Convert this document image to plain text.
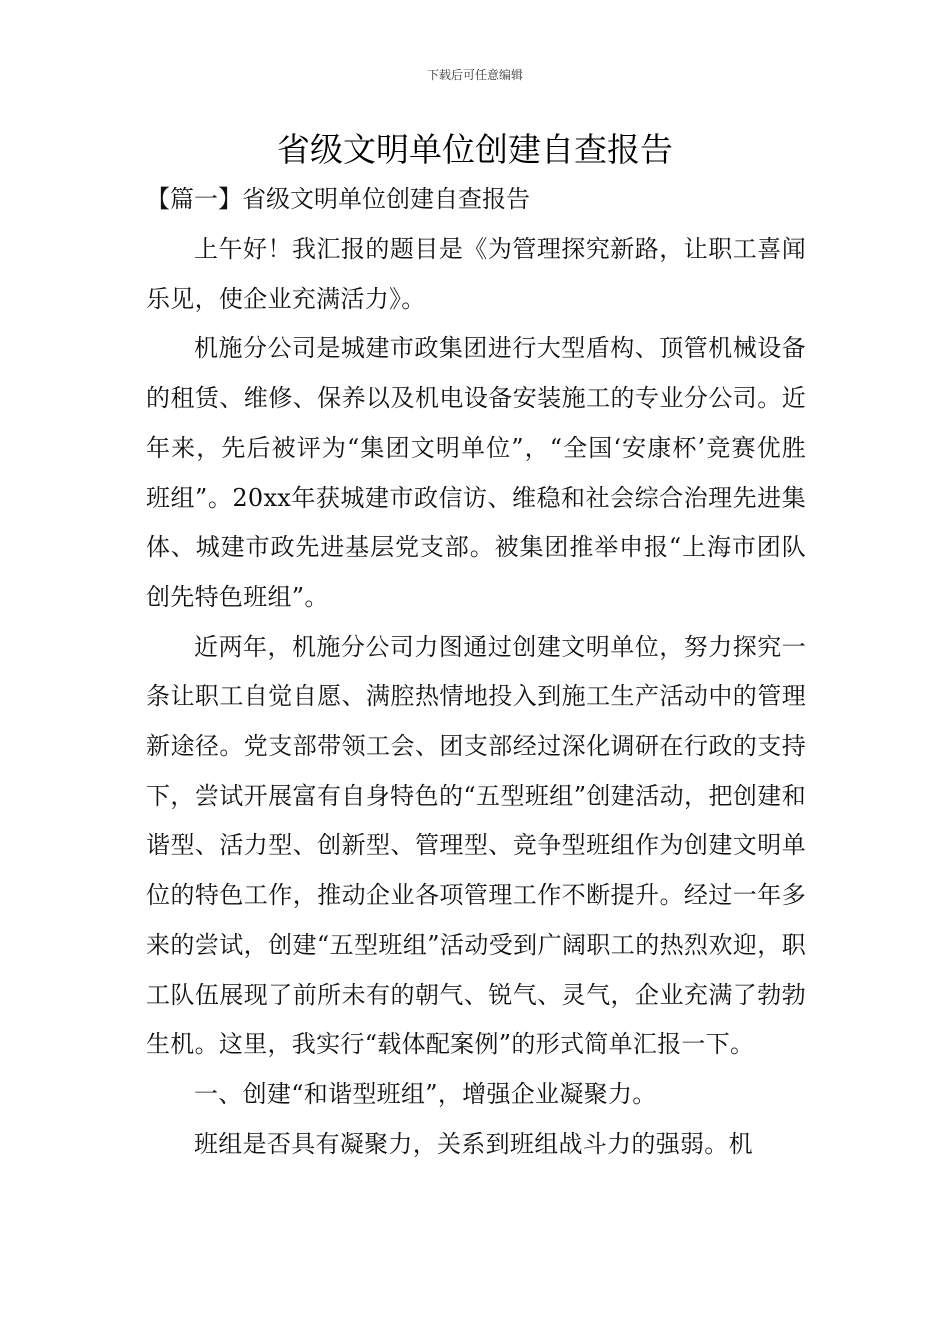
下载后可任意编辑
省级文明单位创建自查报告
【篇一】省级文明单位创建自查报告

上午好！我汇报的题目是《为管理探究新路，让职工喜闻乐见，使企业充满活力》。

机施分公司是城建市政集团进行大型盾构、顶管机械设备的租赁、维修、保养以及机电设备安装施工的专业分公司。近年来，先后被评为“集团文明单位”，“全国‘安康杯’竞赛优胜班组”。20xx年获城建市政信访、维稳和社会综合治理先进集体、城建市政先进基层党支部。被集团推举申报“上海市团队创先特色班组”。

近两年，机施分公司力图通过创建文明单位，努力探究一条让职工自觉自愿、满腔热情地投入到施工生产活动中的管理新途径。党支部带领工会、团支部经过深化调研在行政的支持下，尝试开展富有自身特色的“五型班组”创建活动，把创建和谐型、活力型、创新型、管理型、竞争型班组作为创建文明单位的特色工作，推动企业各项管理工作不断提升。经过一年多来的尝试，创建“五型班组”活动受到广阔职工的热烈欢迎，职工队伍展现了前所未有的朝气、锐气、灵气，企业充满了勃勃生机。这里，我实行“载体配案例”的形式简单汇报一下。

一、创建“和谐型班组”，增强企业凝聚力。

班组是否具有凝聚力，关系到班组战斗力的强弱。机
